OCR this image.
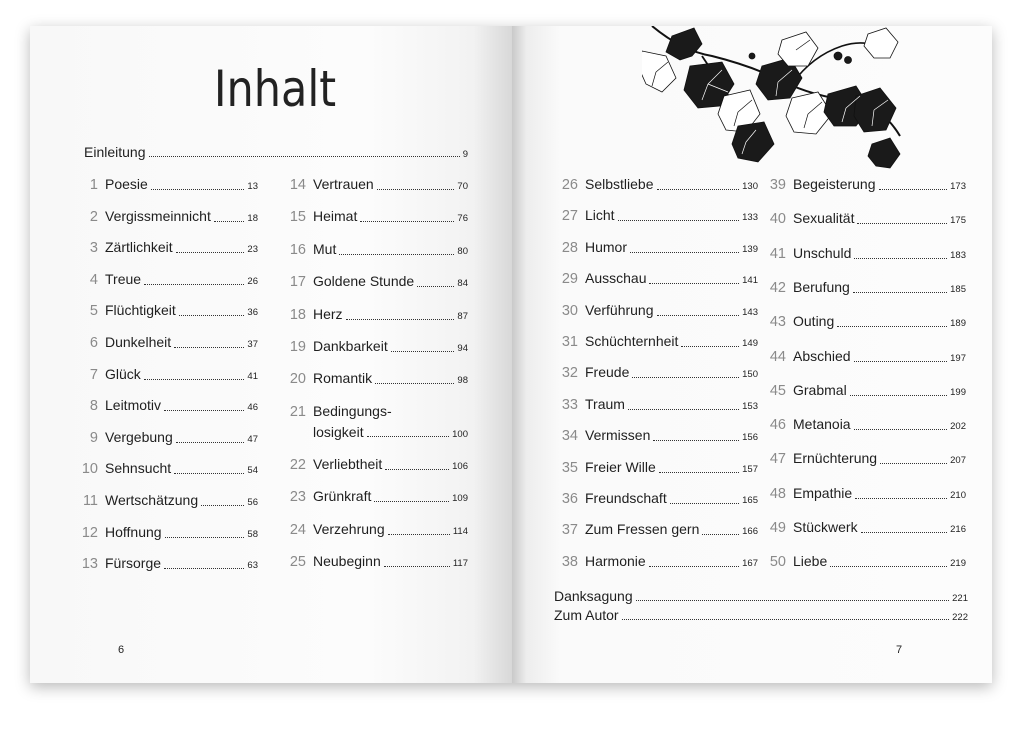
Inhalt
Einleitung	9
1 Poesie	13
2 Vergissmeinnicht	18
3 Zärtlichkeit	23
4 Treue	26
5 Flüchtigkeit	36
6 Dunkelheit	37
7 Glück	41
8 Leitmotiv	46
9 Vergebung	47
10 Sehnsucht	54
11 Wertschätzung	56
12 Hoffnung	58
13 Fürsorge	63
14 Vertrauen	70
15 Heimat	76
16 Mut	80
17 Goldene Stunde	84
18 Herz	87
19 Dankbarkeit	94
20 Romantik	98
21 Bedingungs-
losigkeit	100
22 Verliebtheit	106
23 Grünkraft	109
24 Verzehrung	114
25 Neubeginn	117
6
26 Selbstliebe	130
27 Licht	133
28 Humor	139
29 Ausschau	141
30 Verführung	143
31 Schüchternheit	149
32 Freude	150
33 Traum	153
34 Vermissen	156
35 Freier Wille	157
36 Freundschaft	165
37 Zum Fressen gern	166
38 Harmonie	167
39 Begeisterung	173
40 Sexualität	175
41 Unschuld	183
42 Berufung	185
43 Outing	189
44 Abschied	197
45 Grabmal	199
46 Metanoia	202
47 Ernüchterung	207
48 Empathie	210
49 Stückwerk	216
50 Liebe	219
Danksagung	221
Zum Autor	222
7
